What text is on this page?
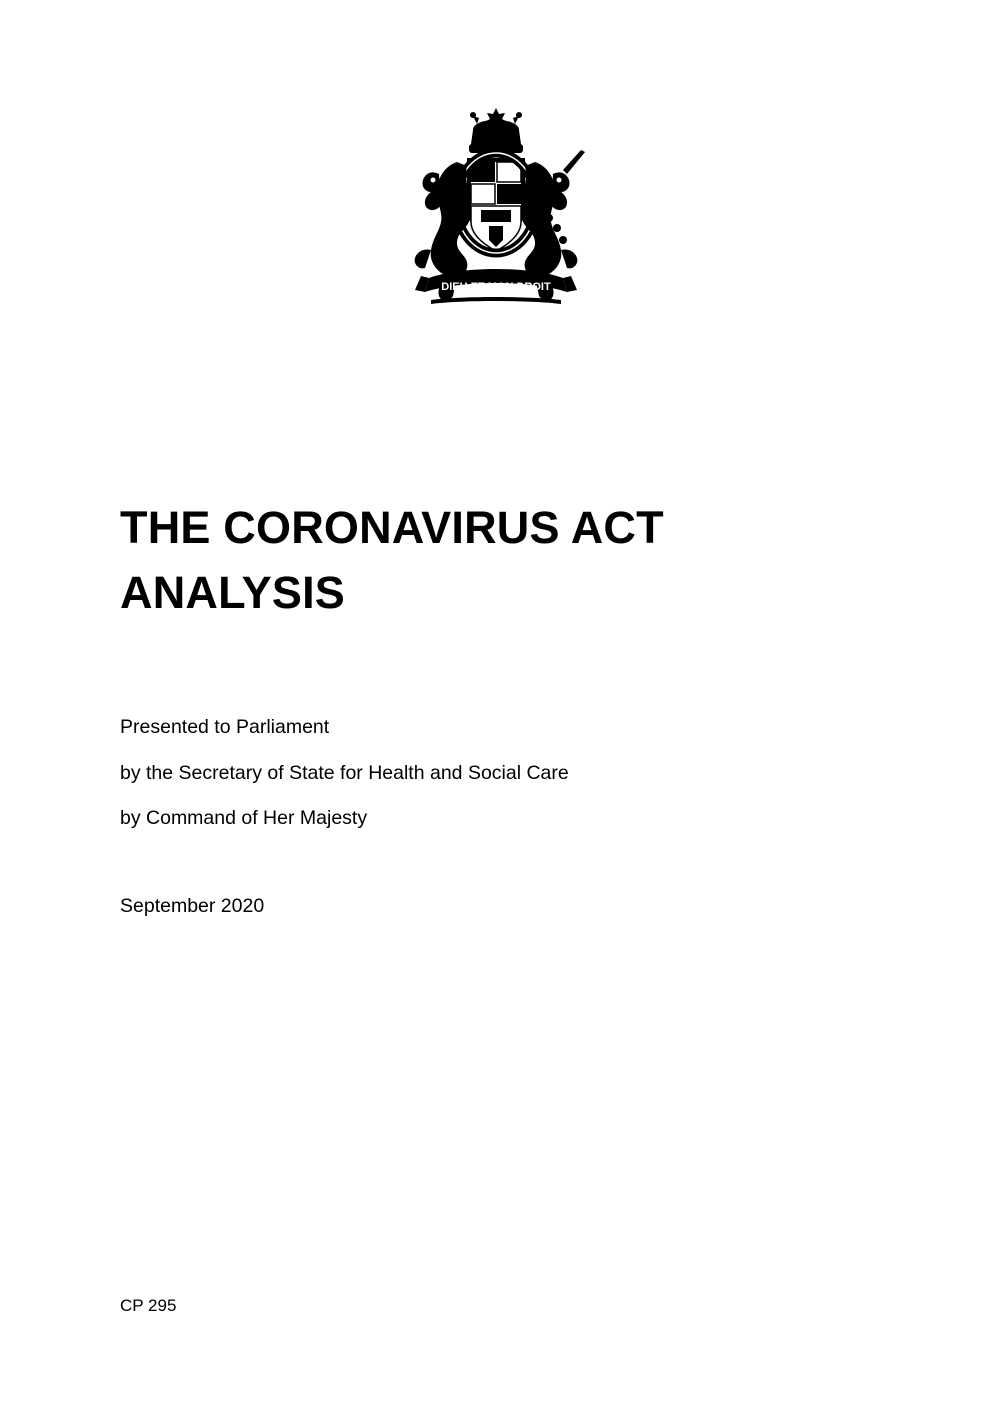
DIEU ET MON DROIT
THE CORONAVIRUS ACT ANALYSIS

Presented to Parliament

by the Secretary of State for Health and Social Care

by Command of Her Majesty

September 2020
CP 295
